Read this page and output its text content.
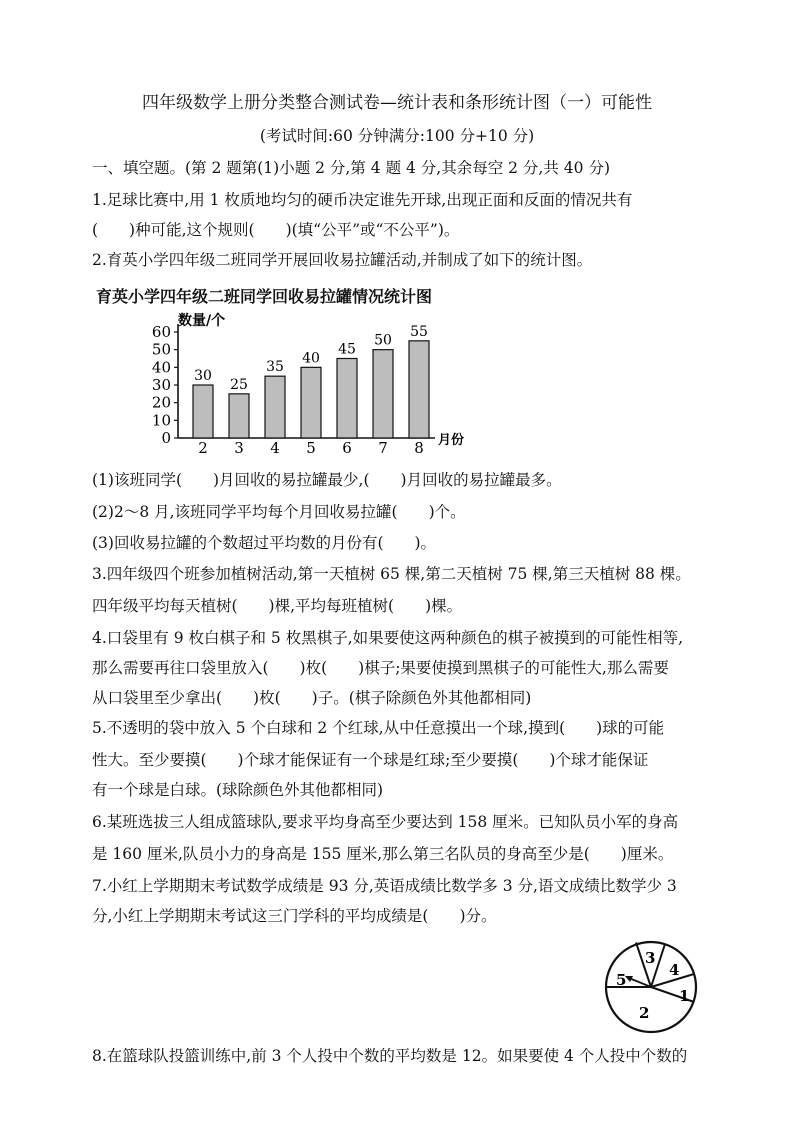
四年级数学上册分类整合测试卷—统计表和条形统计图（一）可能性
(考试时间:60 分钟满分:100 分+10 分)
一、填空题。(第 2 题第(1)小题 2 分,第 4 题 4 分,其余每空 2 分,共 40 分)
1.足球比赛中,用 1 枚质地均匀的硬币决定谁先开球,出现正面和反面的情况共有
(　　)种可能,这个规则(　　)(填“公平”或“不公平”)。
2.育英小学四年级二班同学开展回收易拉罐活动,并制成了如下的统计图。
育英小学四年级二班同学回收易拉罐情况统计图
0
10
20
30
40
50
60
30
2
25
3
35
4
40
5
45
6
50
7
55
8
数量/个
月份
(1)该班同学(　　)月回收的易拉罐最少,(　　)月回收的易拉罐最多。
(2)2～8 月,该班同学平均每个月回收易拉罐(　　)个。
(3)回收易拉罐的个数超过平均数的月份有(　　)。
3.四年级四个班参加植树活动,第一天植树 65 棵,第二天植树 75 棵,第三天植树 88 棵。
四年级平均每天植树(　　)棵,平均每班植树(　　)棵。
4.口袋里有 9 枚白棋子和 5 枚黑棋子,如果要使这两种颜色的棋子被摸到的可能性相等,
那么需要再往口袋里放入(　　)枚(　　)棋子;果要使摸到黑棋子的可能性大,那么需要
从口袋里至少拿出(　　)枚(　　)子。(棋子除颜色外其他都相同)
5.不透明的袋中放入 5 个白球和 2 个红球,从中任意摸出一个球,摸到(　　)球的可能
性大。至少要摸(　　)个球才能保证有一个球是红球;至少要摸(　　)个球才能保证
有一个球是白球。(球除颜色外其他都相同)
6.某班选拔三人组成篮球队,要求平均身高至少要达到 158 厘米。已知队员小军的身高
是 160 厘米,队员小力的身高是 155 厘米,那么第三名队员的身高至少是(　　)厘米。
7.小红上学期期末考试数学成绩是 93 分,英语成绩比数学多 3 分,语文成绩比数学少 3
分,小红上学期期末考试这三门学科的平均成绩是(　　)分。
3
4
1
2
5
8.在篮球队投篮训练中,前 3 个人投中个数的平均数是 12。如果要使 4 个人投中个数的
